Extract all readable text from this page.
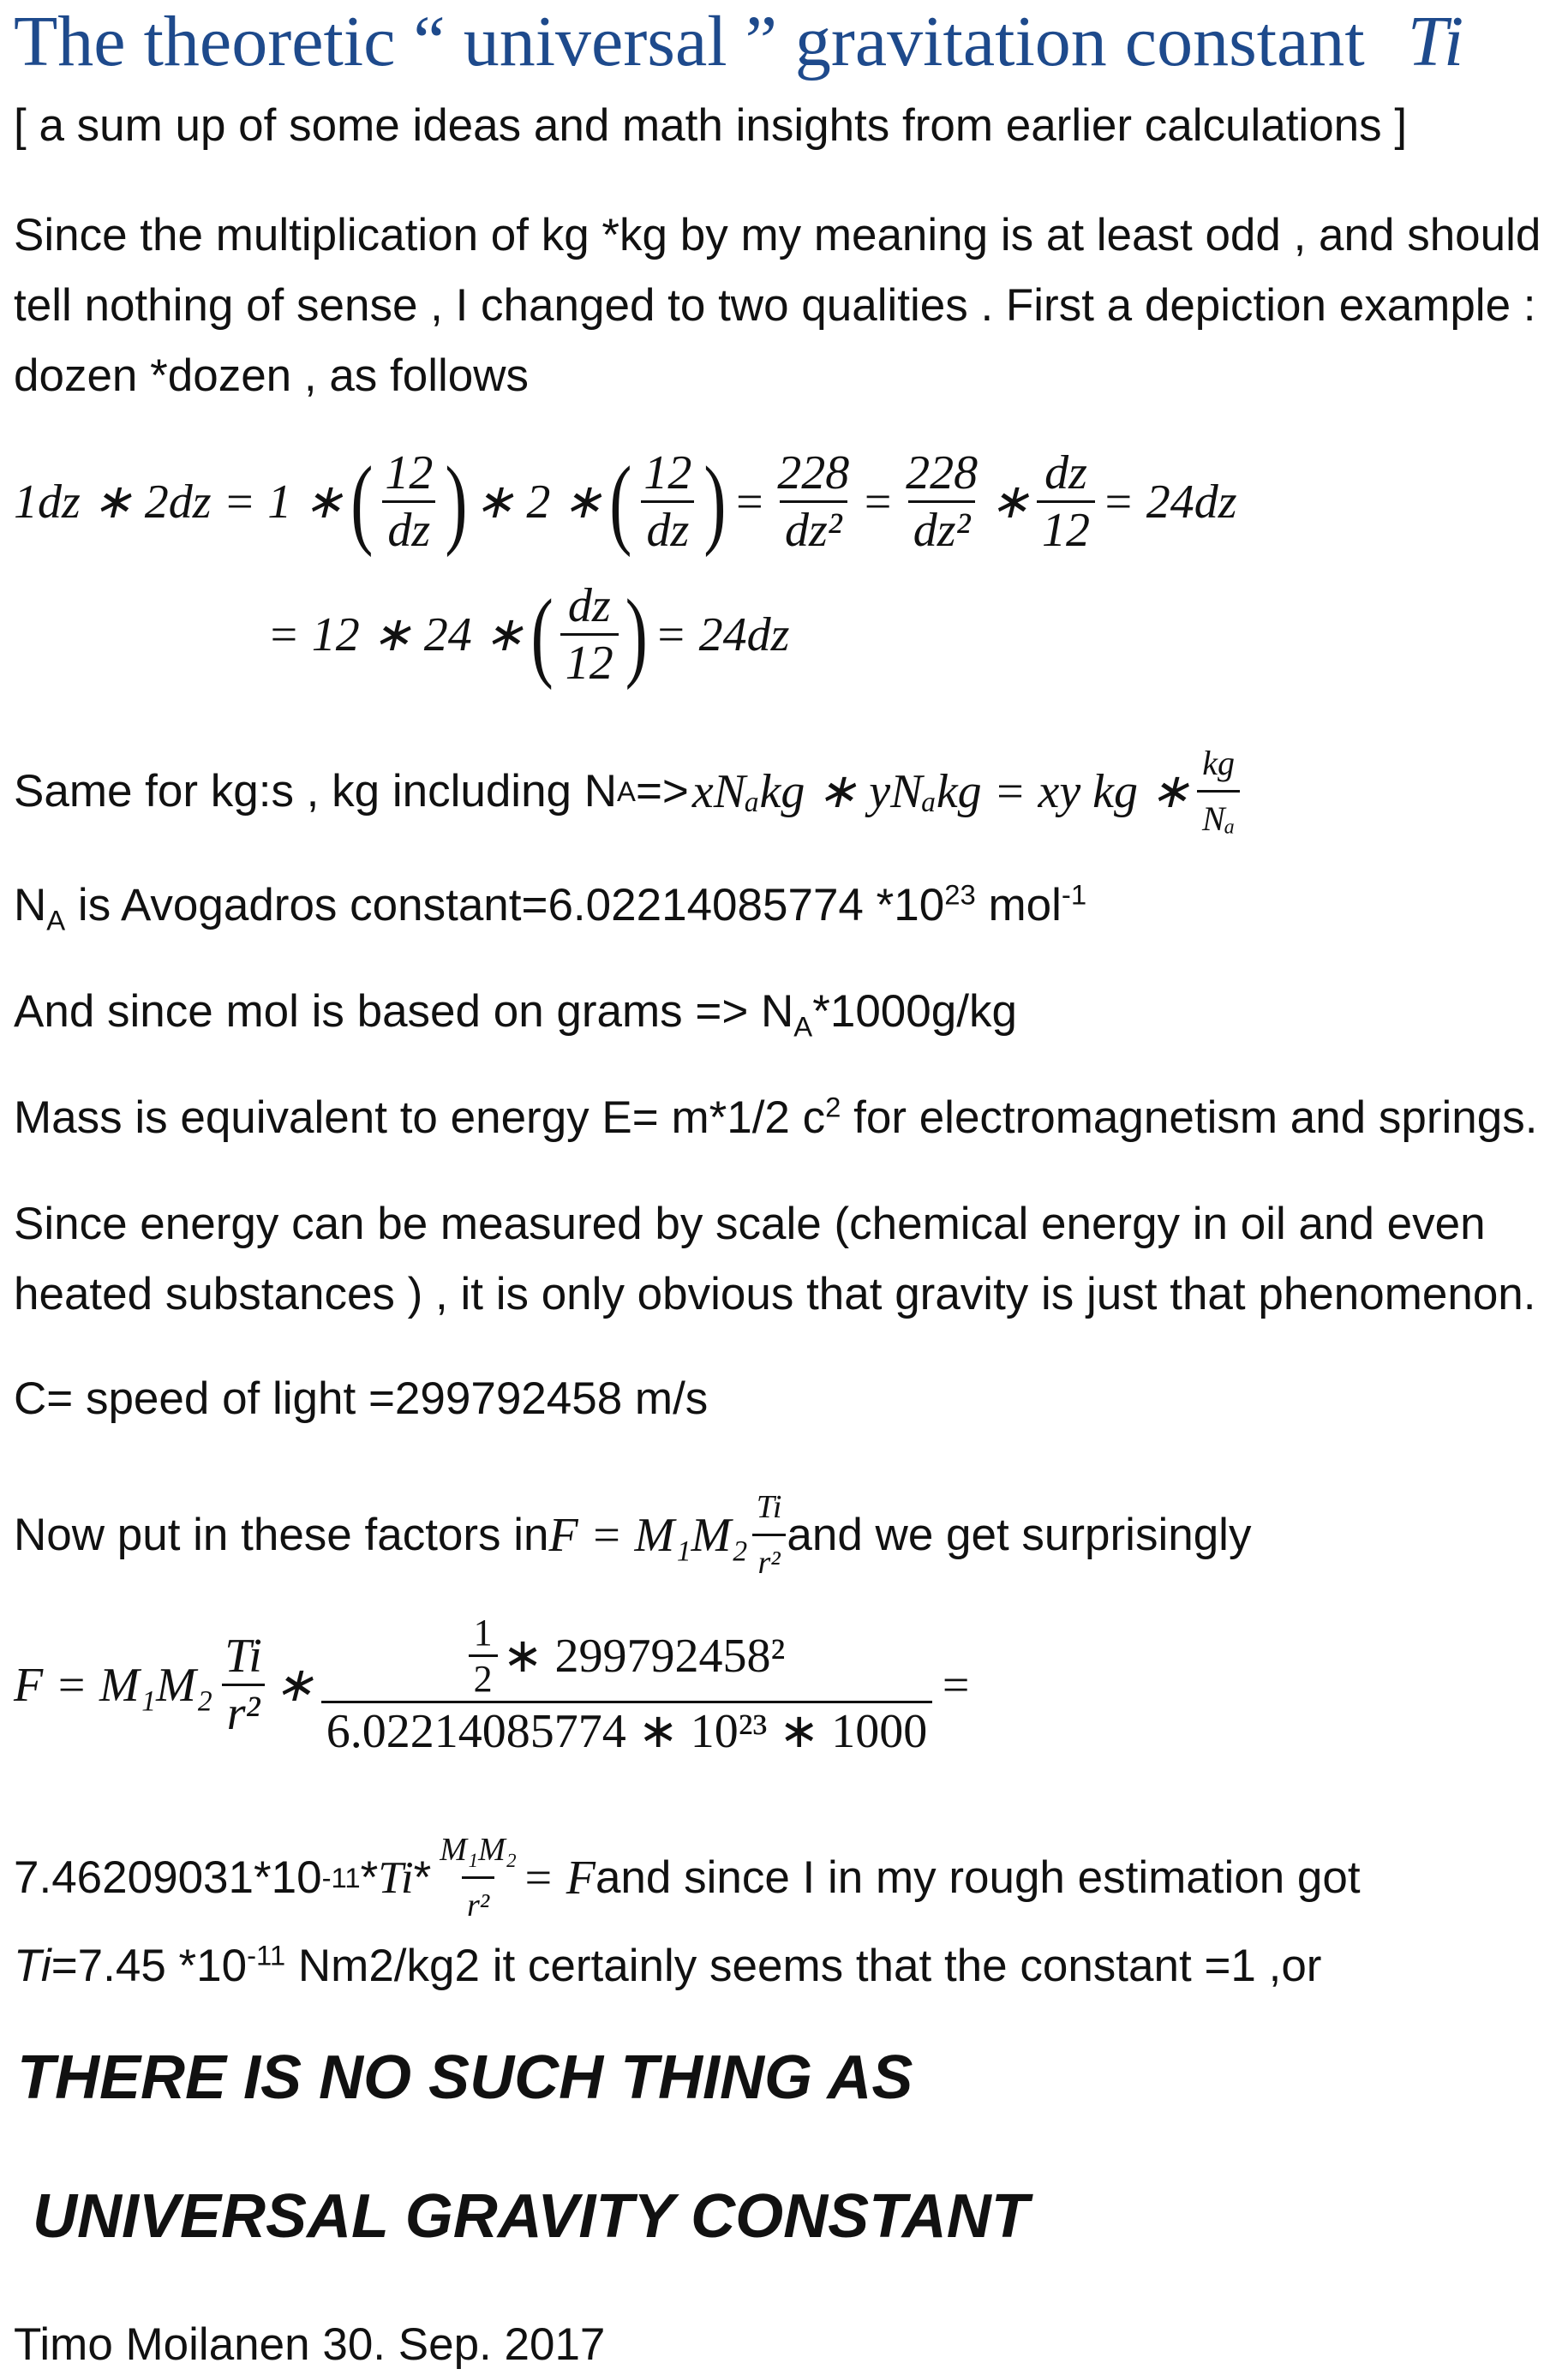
The theoretic “ universal ” gravitation constant Ti
[ a sum up of some ideas and math insights from earlier calculations ]
Since the multiplication of kg *kg by my meaning is at least odd , and should
tell nothing of sense , I changed to two qualities . First a depiction example :
dozen *dozen , as follows
1dz ∗ 2dz = 1 ∗ ( $\frac{12}{dz}$ ) ∗ 2 ∗ ( $\frac{12}{dz}$ ) = $\frac{228}{\text{dz²}} = \frac{228}{\text{dz²}}$ ∗ $\frac{dz}{12} = 24dz$
= 12 ∗ 24 ∗ ( $\frac{dz}{12}$ ) = 24dz
Same for kg:s , kg including N A => xNₐkg ∗ yNₐkg = xy kg ∗ $\frac{kg}{\text{Nₐ}}$
$N_A$ is Avogadros constant=6.02214085774 $*10^{23}$ mol$^{-1}$
And since mol is based on grams => $N_A*1000g/kg$
Mass is equivalent to energy E= m*1/2 $c^2$ for electromagnetism and springs.
Since energy can be measured by scale (chemical energy in oil and even
heated substances ) , it is only obvious that gravity is just that phenomenon.
C= speed of light =299792458 m/s
Now put in these factors in $F = M_1M_2 \frac{Ti}{\text{r²}}$ and we get surprisingly
$F = M_1M_2 \frac{Ti}{\text{r²}}$ ∗ $\frac{\frac{1}{2} ∗ 299792458^2}{\text{6.02214085774 ∗ 10²³ ∗ 1000}}$ =
7.46209031*10 $-11 * Ti * \frac{\text{M₁M₂}}{\text{r²}} = F$ and since I in my rough estimation got
Ti=7.45 $*10^{-11}$ Nm2/kg2 it certainly seems that the constant =1 ,or
THERE IS NO SUCH THING AS
UNIVERSAL GRAVITY CONSTANT
Timo Moilanen 30. Sep. 2017
